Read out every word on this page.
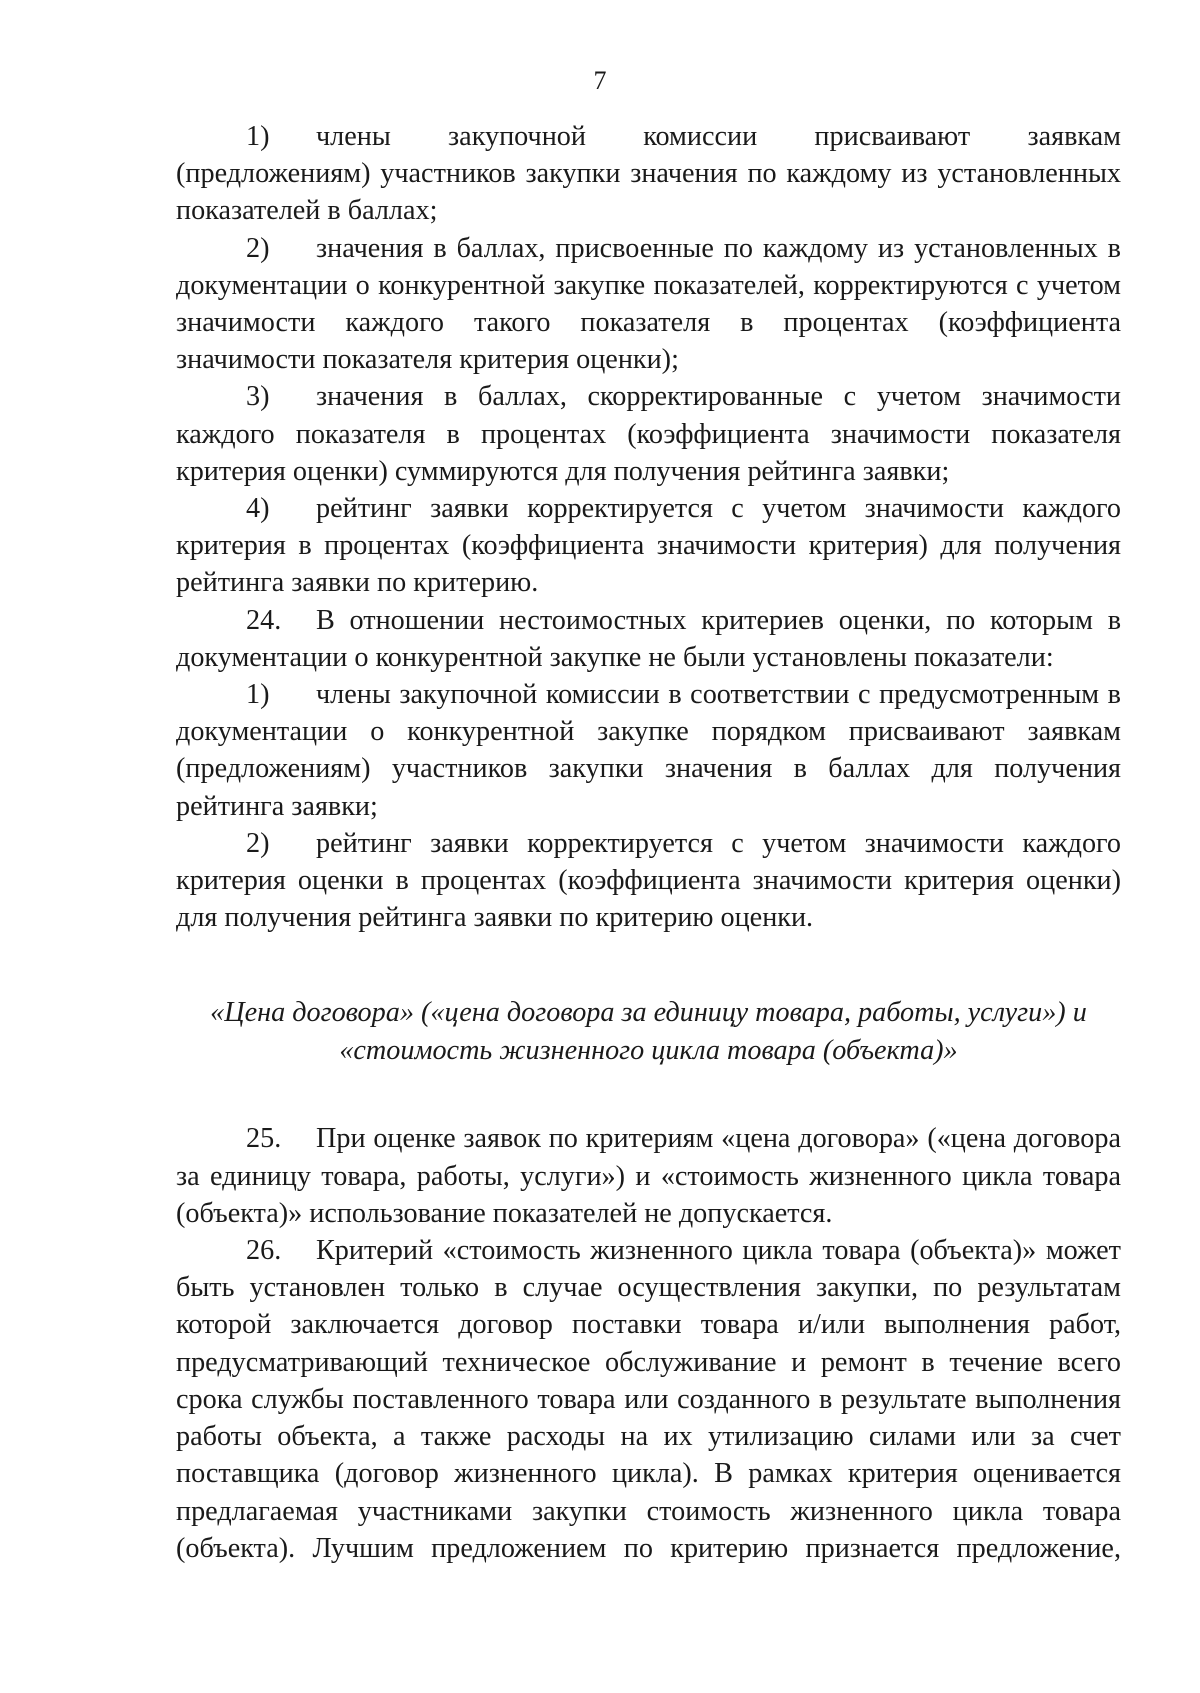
7

1) члены закупочной комиссии присваивают заявкам (предложениям) участников закупки значения по каждому из установленных показателей в баллах;

2) значения в баллах, присвоенные по каждому из установленных в документации о конкурентной закупке показателей, корректируются с учетом значимости каждого такого показателя в процентах (коэффициента значимости показателя критерия оценки);

3) значения в баллах, скорректированные с учетом значимости каждого показателя в процентах (коэффициента значимости показателя критерия оценки) суммируются для получения рейтинга заявки;

4) рейтинг заявки корректируется с учетом значимости каждого критерия в процентах (коэффициента значимости критерия) для получения рейтинга заявки по критерию.

24. В отношении нестоимостных критериев оценки, по которым в документации о конкурентной закупке не были установлены показатели:

1) члены закупочной комиссии в соответствии с предусмотренным в документации о конкурентной закупке порядком присваивают заявкам (предложениям) участников закупки значения в баллах для получения рейтинга заявки;

2) рейтинг заявки корректируется с учетом значимости каждого критерия оценки в процентах (коэффициента значимости критерия оценки) для получения рейтинга заявки по критерию оценки.

«Цена договора» («цена договора за единицу товара, работы, услуги») и
«стоимость жизненного цикла товара (объекта)»

25. При оценке заявок по критериям «цена договора» («цена договора за единицу товара, работы, услуги») и «стоимость жизненного цикла товара (объекта)» использование показателей не допускается.

26. Критерий «стоимость жизненного цикла товара (объекта)» может быть установлен только в случае осуществления закупки, по результатам которой заключается договор поставки товара и/или выполнения работ, предусматривающий техническое обслуживание и ремонт в течение всего срока службы поставленного товара или созданного в результате выполнения работы объекта, а также расходы на их утилизацию силами или за счет поставщика (договор жизненного цикла). В рамках критерия оценивается предлагаемая участниками закупки стоимость жизненного цикла товара (объекта). Лучшим предложением по критерию признается предложение,
